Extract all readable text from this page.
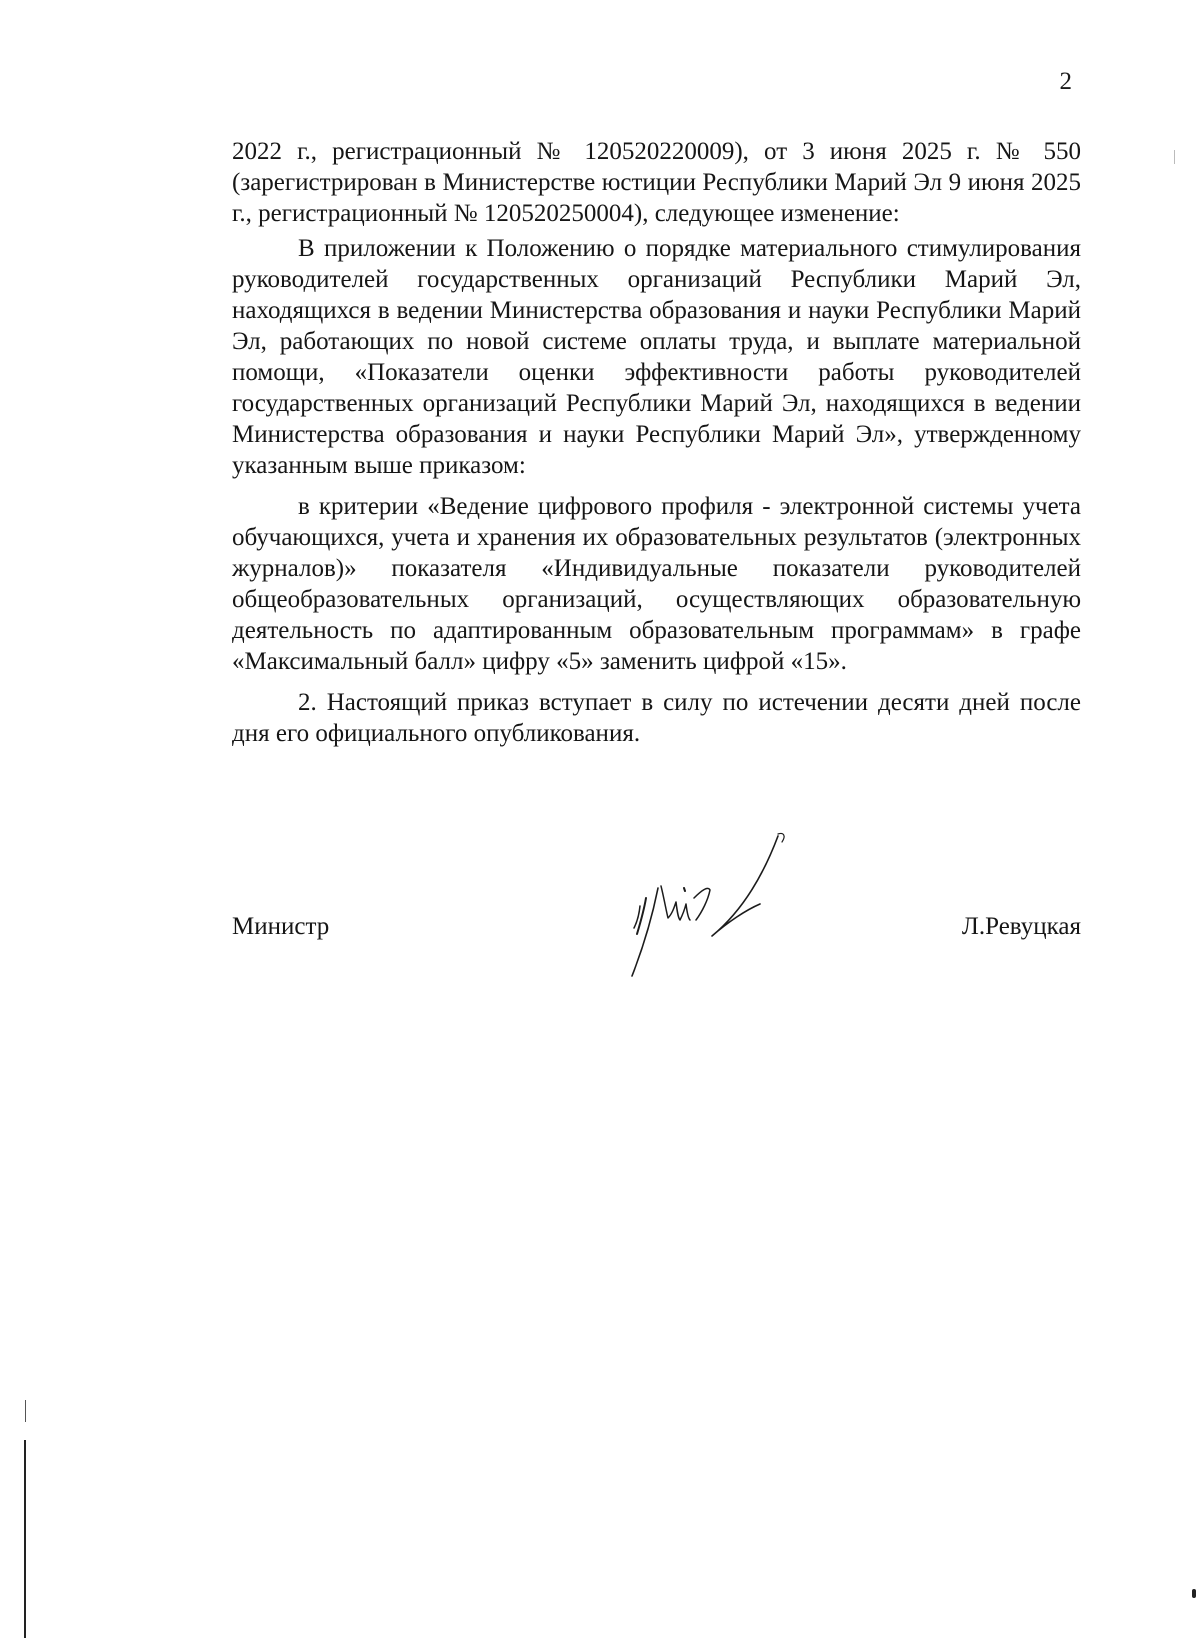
2

2022 г., регистрационный № 120520220009), от 3 июня 2025 г. № 550 (зарегистрирован в Министерстве юстиции Республики Марий Эл 9 июня 2025 г., регистрационный № 120520250004), следующее изменение:

В приложении к Положению о порядке материального стимулирования руководителей государственных организаций Республики Марий Эл, находящихся в ведении Министерства образования и науки Республики Марий Эл, работающих по новой системе оплаты труда, и выплате материальной помощи, «Показатели оценки эффективности работы руководителей государственных организаций Республики Марий Эл, находящихся в ведении Министерства образования и науки Республики Марий Эл», утвержденному указанным выше приказом:

в критерии «Ведение цифрового профиля - электронной системы учета обучающихся, учета и хранения их образовательных результатов (электронных журналов)» показателя «Индивидуальные показатели руководителей общеобразовательных организаций, осуществляющих образовательную деятельность по адаптированным образовательным программам» в графе «Максимальный балл» цифру «5» заменить цифрой «15».

2. Настоящий приказ вступает в силу по истечении десяти дней после дня его официального опубликования.

Министр	Л.Ревуцкая
